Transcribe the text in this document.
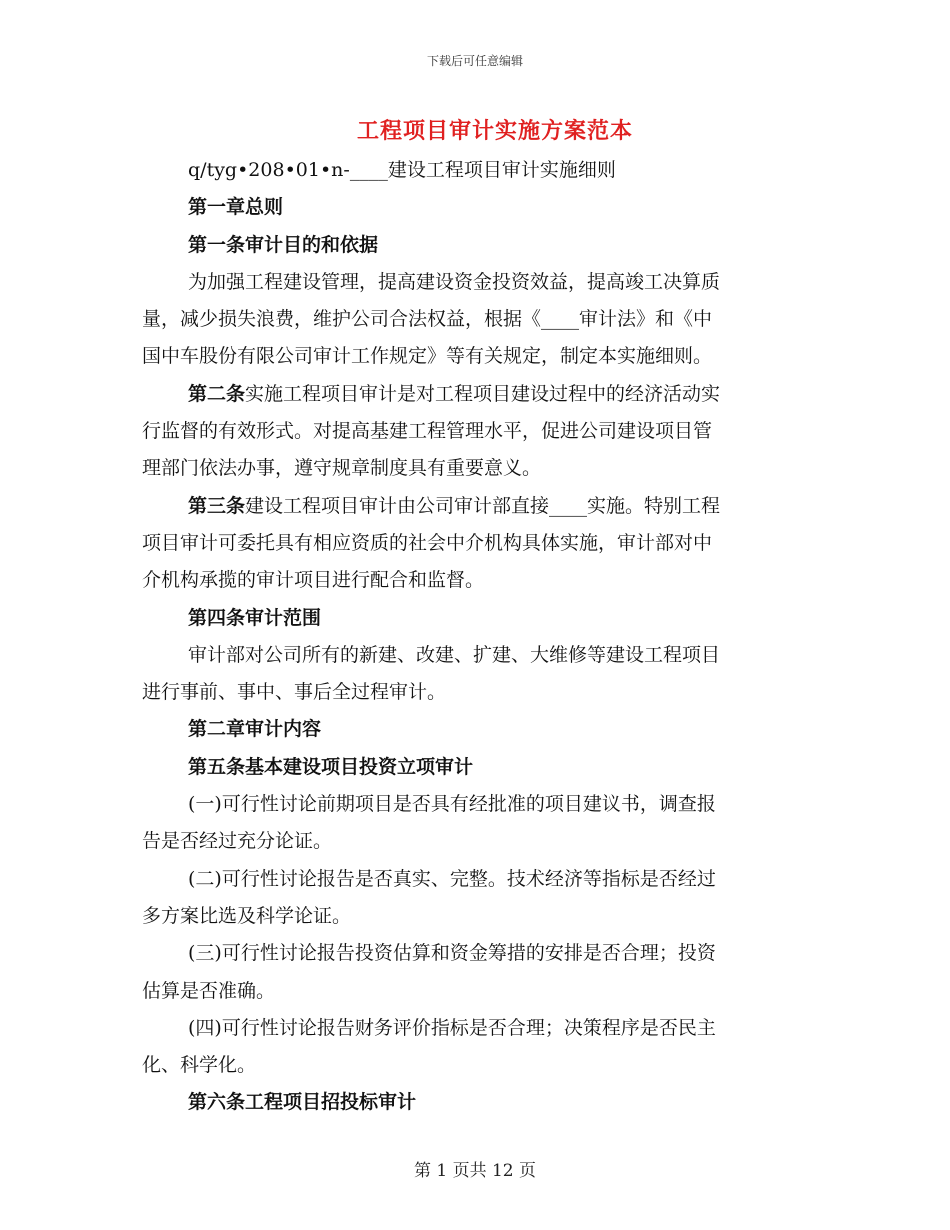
下载后可任意编辑
工程项目审计实施方案范本
q/tyg•208•01•n-____建设工程项目审计实施细则
第一章总则
第一条审计目的和依据
为加强工程建设管理，提高建设资金投资效益，提高竣工决算质
量，减少损失浪费，维护公司合法权益，根据《____审计法》和《中
国中车股份有限公司审计工作规定》等有关规定，制定本实施细则。
第二条实施工程项目审计是对工程项目建设过程中的经济活动实
行监督的有效形式。对提高基建工程管理水平，促进公司建设项目管
理部门依法办事，遵守规章制度具有重要意义。
第三条建设工程项目审计由公司审计部直接____实施。特别工程
项目审计可委托具有相应资质的社会中介机构具体实施，审计部对中
介机构承揽的审计项目进行配合和监督。
第四条审计范围
审计部对公司所有的新建、改建、扩建、大维修等建设工程项目
进行事前、事中、事后全过程审计。
第二章审计内容
第五条基本建设项目投资立项审计
(一)可行性讨论前期项目是否具有经批准的项目建议书，调查报
告是否经过充分论证。
(二)可行性讨论报告是否真实、完整。技术经济等指标是否经过
多方案比选及科学论证。
(三)可行性讨论报告投资估算和资金筹措的安排是否合理；投资
估算是否准确。
(四)可行性讨论报告财务评价指标是否合理；决策程序是否民主
化、科学化。
第六条工程项目招投标审计
第 1 页共 12 页
